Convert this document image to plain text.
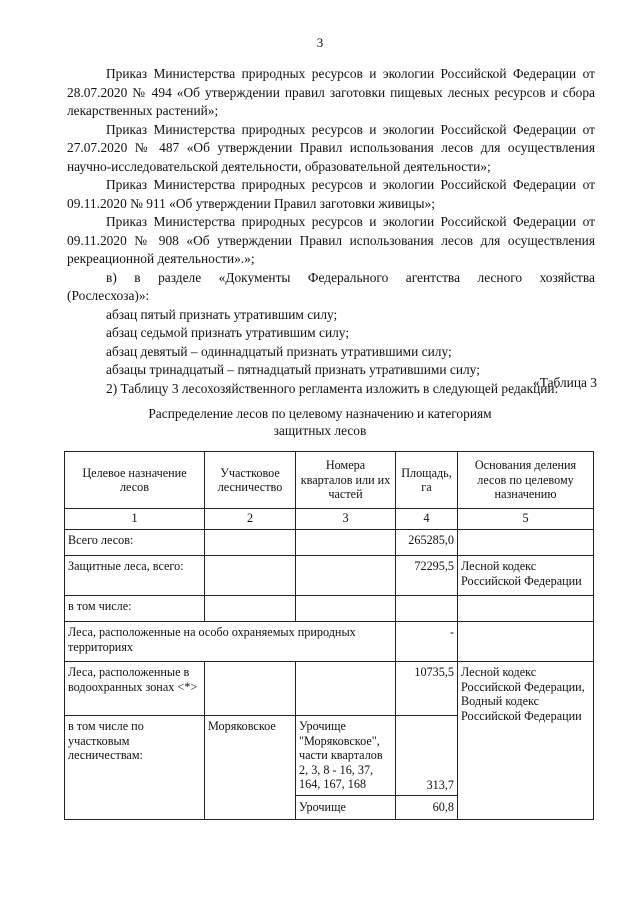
3

Приказ Министерства природных ресурсов и экологии Российской Федерации от 28.07.2020 № 494 «Об утверждении правил заготовки пищевых лесных ресурсов и сбора лекарственных растений»;

Приказ Министерства природных ресурсов и экологии Российской Федерации от 27.07.2020 № 487 «Об утверждении Правил использования лесов для осуществления научно-исследовательской деятельности, образовательной деятельности»;

Приказ Министерства природных ресурсов и экологии Российской Федерации от 09.11.2020 № 911 «Об утверждении Правил заготовки живицы»;

Приказ Министерства природных ресурсов и экологии Российской Федерации от 09.11.2020 № 908 «Об утверждении Правил использования лесов для осуществления рекреационной деятельности».»;

в) в разделе «Документы Федерального агентства лесного хозяйства (Рослесхоза)»:

абзац пятый признать утратившим силу;

абзац седьмой признать утратившим силу;

абзац девятый – одиннадцатый признать утратившими силу;

абзацы тринадцатый – пятнадцатый признать утратившими силу;

2) Таблицу 3 лесохозяйственного регламента изложить в следующей редакции:

«Таблица 3
Распределение лесов по целевому назначению и категориям
защитных лесов
Целевое назначение лесов	Участковое лесничество	Номера кварталов или их частей	Площадь, га	Основания деления лесов по целевому назначению
1	2	3	4	5
Всего лесов:			265285,0	
Защитные леса, всего:			72295,5	Лесной кодекс Российской Федерации
в том числе:				
Леса, расположенные на особо охраняемых природных территориях			-	
Леса, расположенные в водоохранных зонах <*>			10735,5	Лесной кодекс Российской Федерации, Водный кодекс Российской Федерации
в том числе по участковым лесничествам:	Моряковское	Урочище "Моряковское", части кварталов 2, 3, 8 - 16, 37, 164, 167, 168	313,7	
		Урочище	60,8	
